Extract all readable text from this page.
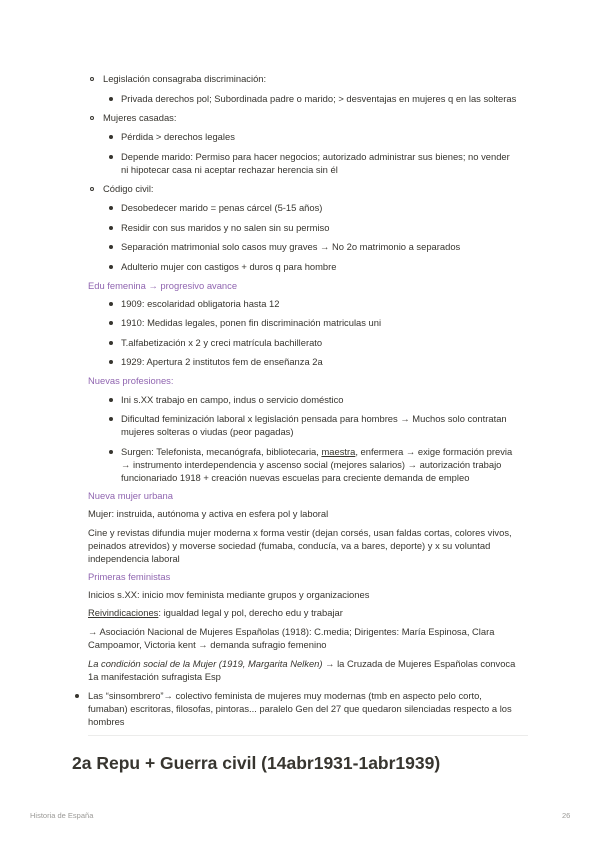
Legislación consagraba discriminación:
Privada derechos pol; Subordinada padre o marido; > desventajas en mujeres q en las solteras
Mujeres casadas:
Pérdida > derechos legales
Depende marido: Permiso para hacer negocios; autorizado administrar sus bienes; no vender
ni hipotecar casa ni aceptar rechazar herencia sin él
Código civil:
Desobedecer marido = penas cárcel (5-15 años)
Residir con sus maridos y no salen sin su permiso
Separación matrimonial solo casos muy graves → No 2o matrimonio a separados
Adulterio mujer con castigos + duros q para hombre
Edu femenina → progresivo avance
1909: escolaridad obligatoria hasta 12
1910: Medidas legales, ponen fin discriminación matriculas uni
T.alfabetización x 2 y creci matrícula bachillerato
1929: Apertura 2 institutos fem de enseñanza 2a
Nuevas profesiones:
Ini s.XX trabajo en campo, indus o servicio doméstico
Dificultad feminización laboral x legislación pensada para hombres → Muchos solo contratan
mujeres solteras o viudas (peor pagadas)
Surgen: Telefonista, mecanógrafa, bibliotecaria, maestra, enfermera → exige formación previa
→ instrumento interdependencia y ascenso social (mejores salarios) → autorización trabajo
funcionariado 1918 + creación nuevas escuelas para creciente demanda de empleo
Nueva mujer urbana
Mujer: instruida, autónoma y activa en esfera pol y laboral
Cine y revistas difundia mujer moderna x forma vestir (dejan corsés, usan faldas cortas, colores vivos,
peinados atrevidos) y moverse sociedad (fumaba, conducía, va a bares, deporte) y x su voluntad
independencia laboral
Primeras feministas
Inicios s.XX: inicio mov feminista mediante grupos y organizaciones
Reivindicaciones: igualdad legal y pol, derecho edu y trabajar
→ Asociación Nacional de Mujeres Españolas (1918): C.media; Dirigentes: María Espinosa, Clara
Campoamor, Victoria kent → demanda sufragio femenino
La condición social de la Mujer (1919, Margarita Nelken) → la Cruzada de Mujeres Españolas convoca
1a manifestación sufragista Esp
Las “sinsombrero”→ colectivo feminista de mujeres muy modernas (tmb en aspecto pelo corto,
fumaban) escritoras, filosofas, pintoras... paralelo Gen del 27 que quedaron silenciadas respecto a los
hombres
2a Repu + Guerra civil (14abr1931-1abr1939)
Historia de España	26
